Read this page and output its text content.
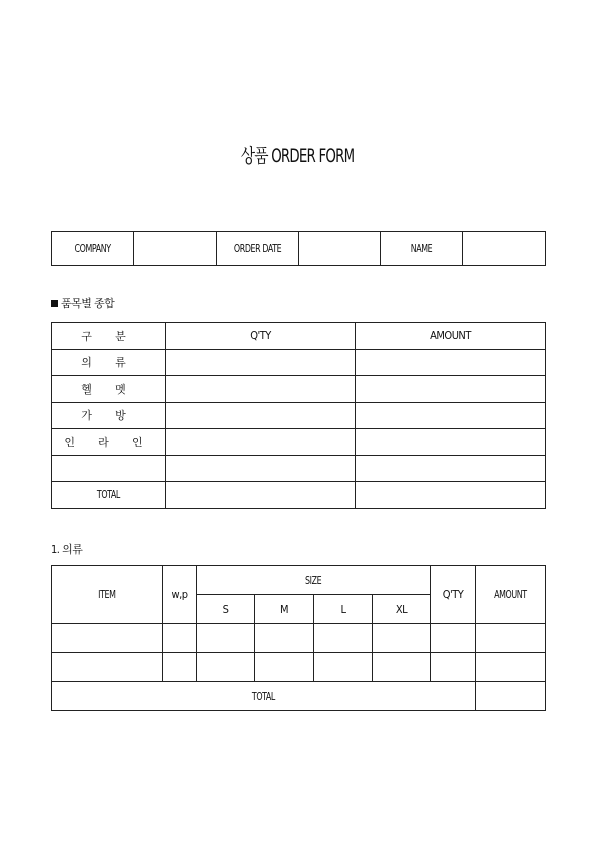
상품 ORDER FORM
COMPANY		ORDER DATE		NAME	
품목별 종합
구 분	Q'TY	AMOUNT
의 류		
헬 멧		
가 방		
인 라 인		

TOTAL		
1. 의류
ITEM	w,p	SIZE				Q'TY	AMOUNT
		S	M	L	XL		

TOTAL							
